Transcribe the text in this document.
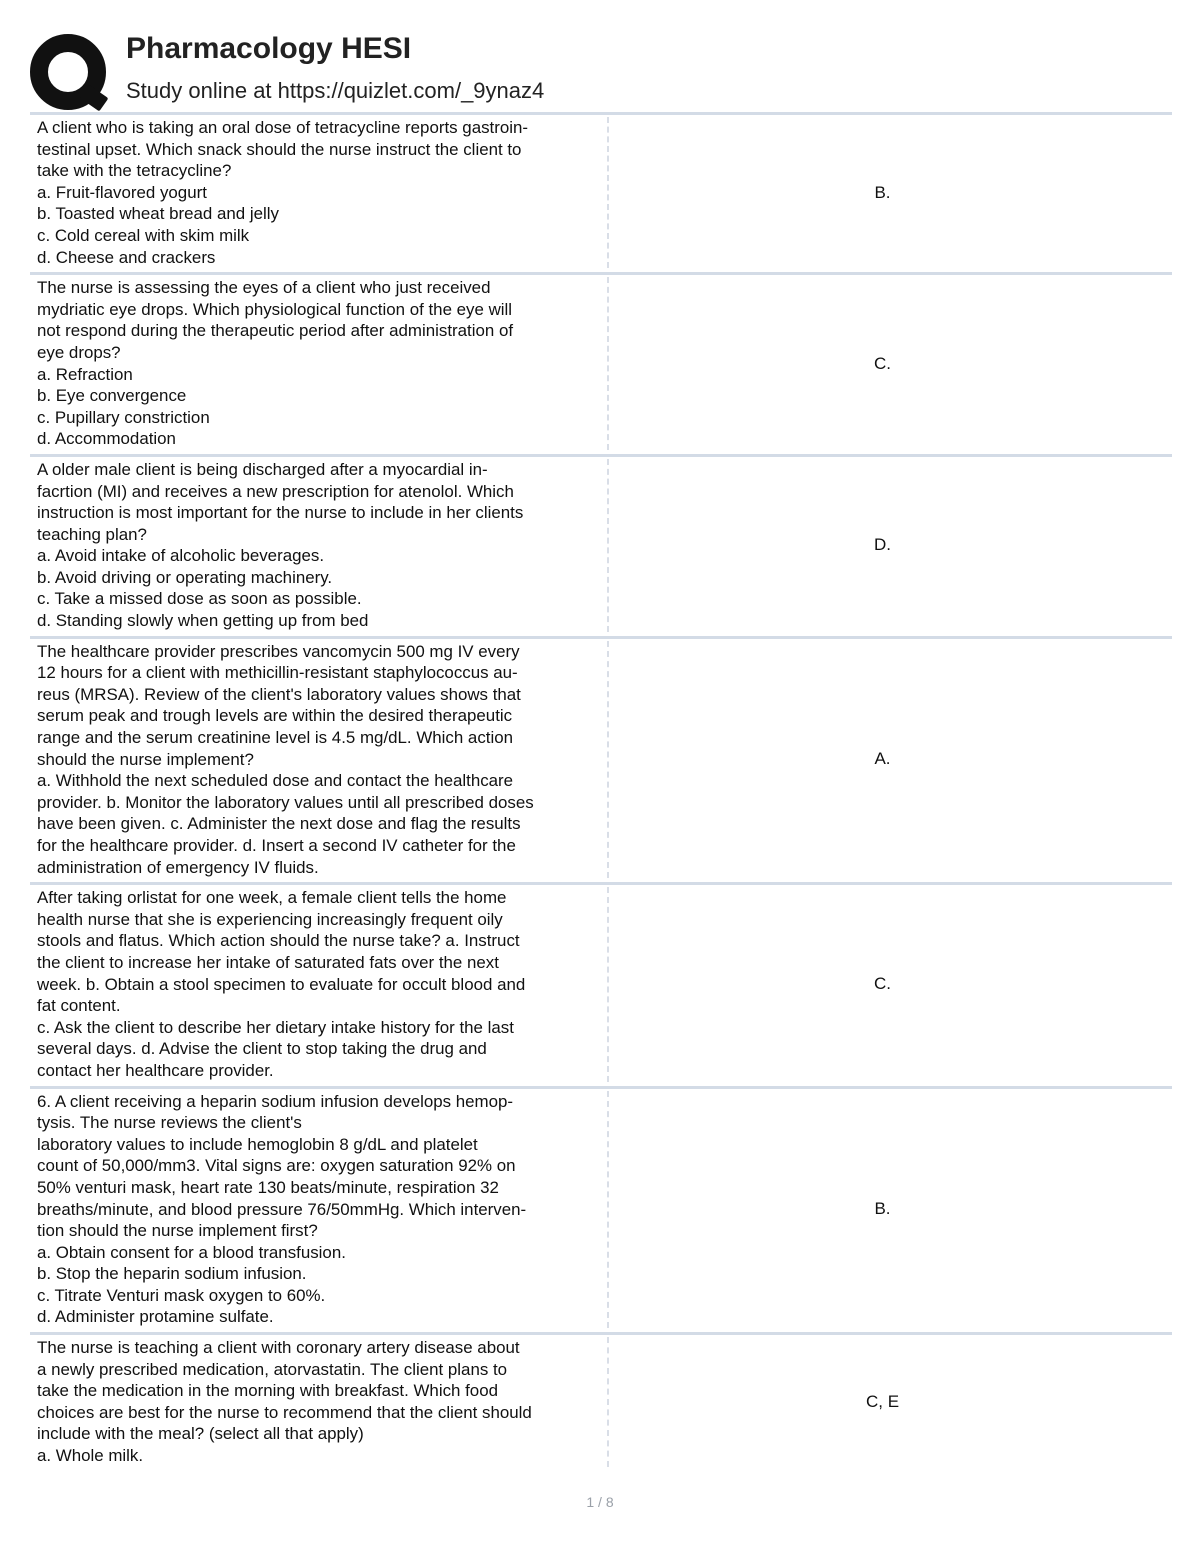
Pharmacology HESI
Study online at https://quizlet.com/_9ynaz4
A client who is taking an oral dose of tetracycline reports gastroin-
testinal upset. Which snack should the nurse instruct the client to
take with the tetracycline?
a. Fruit-flavored yogurt
b. Toasted wheat bread and jelly
c. Cold cereal with skim milk
d. Cheese and crackers
B.
The nurse is assessing the eyes of a client who just received
mydriatic eye drops. Which physiological function of the eye will
not respond during the therapeutic period after administration of
eye drops?
a. Refraction
b. Eye convergence
c. Pupillary constriction
d. Accommodation
C.
A older male client is being discharged after a myocardial in-
facrtion (MI) and receives a new prescription for atenolol. Which
instruction is most important for the nurse to include in her clients
teaching plan?
a. Avoid intake of alcoholic beverages.
b. Avoid driving or operating machinery.
c. Take a missed dose as soon as possible.
d. Standing slowly when getting up from bed
D.
The healthcare provider prescribes vancomycin 500 mg IV every
12 hours for a client with methicillin-resistant staphylococcus au-
reus (MRSA). Review of the client's laboratory values shows that
serum peak and trough levels are within the desired therapeutic
range and the serum creatinine level is 4.5 mg/dL. Which action
should the nurse implement?
a. Withhold the next scheduled dose and contact the healthcare
provider. b. Monitor the laboratory values until all prescribed doses
have been given. c. Administer the next dose and flag the results
for the healthcare provider. d. Insert a second IV catheter for the
administration of emergency IV fluids.
A.
After taking orlistat for one week, a female client tells the home
health nurse that she is experiencing increasingly frequent oily
stools and flatus. Which action should the nurse take? a. Instruct
the client to increase her intake of saturated fats over the next
week. b. Obtain a stool specimen to evaluate for occult blood and
fat content.
c. Ask the client to describe her dietary intake history for the last
several days. d. Advise the client to stop taking the drug and
contact her healthcare provider.
C.
6. A client receiving a heparin sodium infusion develops hemop-
tysis. The nurse reviews the client's
laboratory values to include hemoglobin 8 g/dL and platelet
count of 50,000/mm3. Vital signs are: oxygen saturation 92% on
50% venturi mask, heart rate 130 beats/minute, respiration 32
breaths/minute, and blood pressure 76/50mmHg. Which interven-
tion should the nurse implement first?
a. Obtain consent for a blood transfusion.
b. Stop the heparin sodium infusion.
c. Titrate Venturi mask oxygen to 60%.
d. Administer protamine sulfate.
B.
The nurse is teaching a client with coronary artery disease about
a newly prescribed medication, atorvastatin. The client plans to
take the medication in the morning with breakfast. Which food
choices are best for the nurse to recommend that the client should
include with the meal? (select all that apply)
a. Whole milk.
C, E
1 / 8
